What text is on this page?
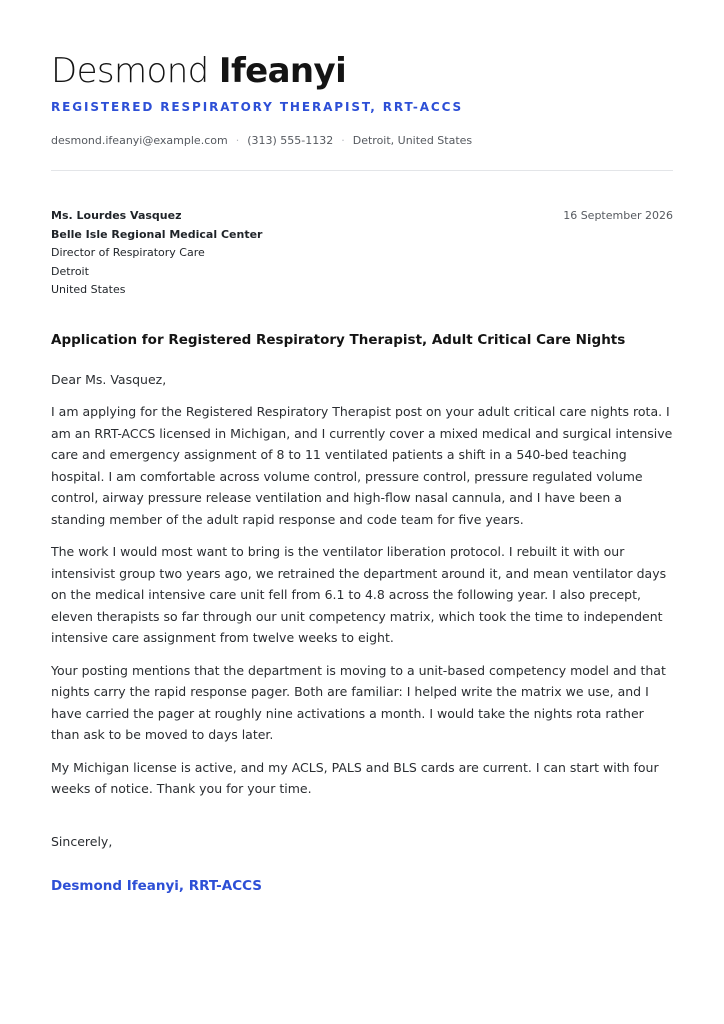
Desmond Ifeanyi
REGISTERED RESPIRATORY THERAPIST, RRT-ACCS
desmond.ifeanyi@example.com · (313) 555-1132 · Detroit, United States
Ms. Lourdes Vasquez
Belle Isle Regional Medical Center
Director of Respiratory Care
Detroit
United States
16 September 2026
Application for Registered Respiratory Therapist, Adult Critical Care Nights
Dear Ms. Vasquez,

I am applying for the Registered Respiratory Therapist post on your adult critical care nights rota. I am an RRT-ACCS licensed in Michigan, and I currently cover a mixed medical and surgical intensive care and emergency assignment of 8 to 11 ventilated patients a shift in a 540-bed teaching hospital. I am comfortable across volume control, pressure control, pressure regulated volume control, airway pressure release ventilation and high-flow nasal cannula, and I have been a standing member of the adult rapid response and code team for five years.

The work I would most want to bring is the ventilator liberation protocol. I rebuilt it with our intensivist group two years ago, we retrained the department around it, and mean ventilator days on the medical intensive care unit fell from 6.1 to 4.8 across the following year. I also precept, eleven therapists so far through our unit competency matrix, which took the time to independent intensive care assignment from twelve weeks to eight.

Your posting mentions that the department is moving to a unit-based competency model and that nights carry the rapid response pager. Both are familiar: I helped write the matrix we use, and I have carried the pager at roughly nine activations a month. I would take the nights rota rather than ask to be moved to days later.

My Michigan license is active, and my ACLS, PALS and BLS cards are current. I can start with four weeks of notice. Thank you for your time.

Sincerely,
Desmond Ifeanyi, RRT-ACCS
